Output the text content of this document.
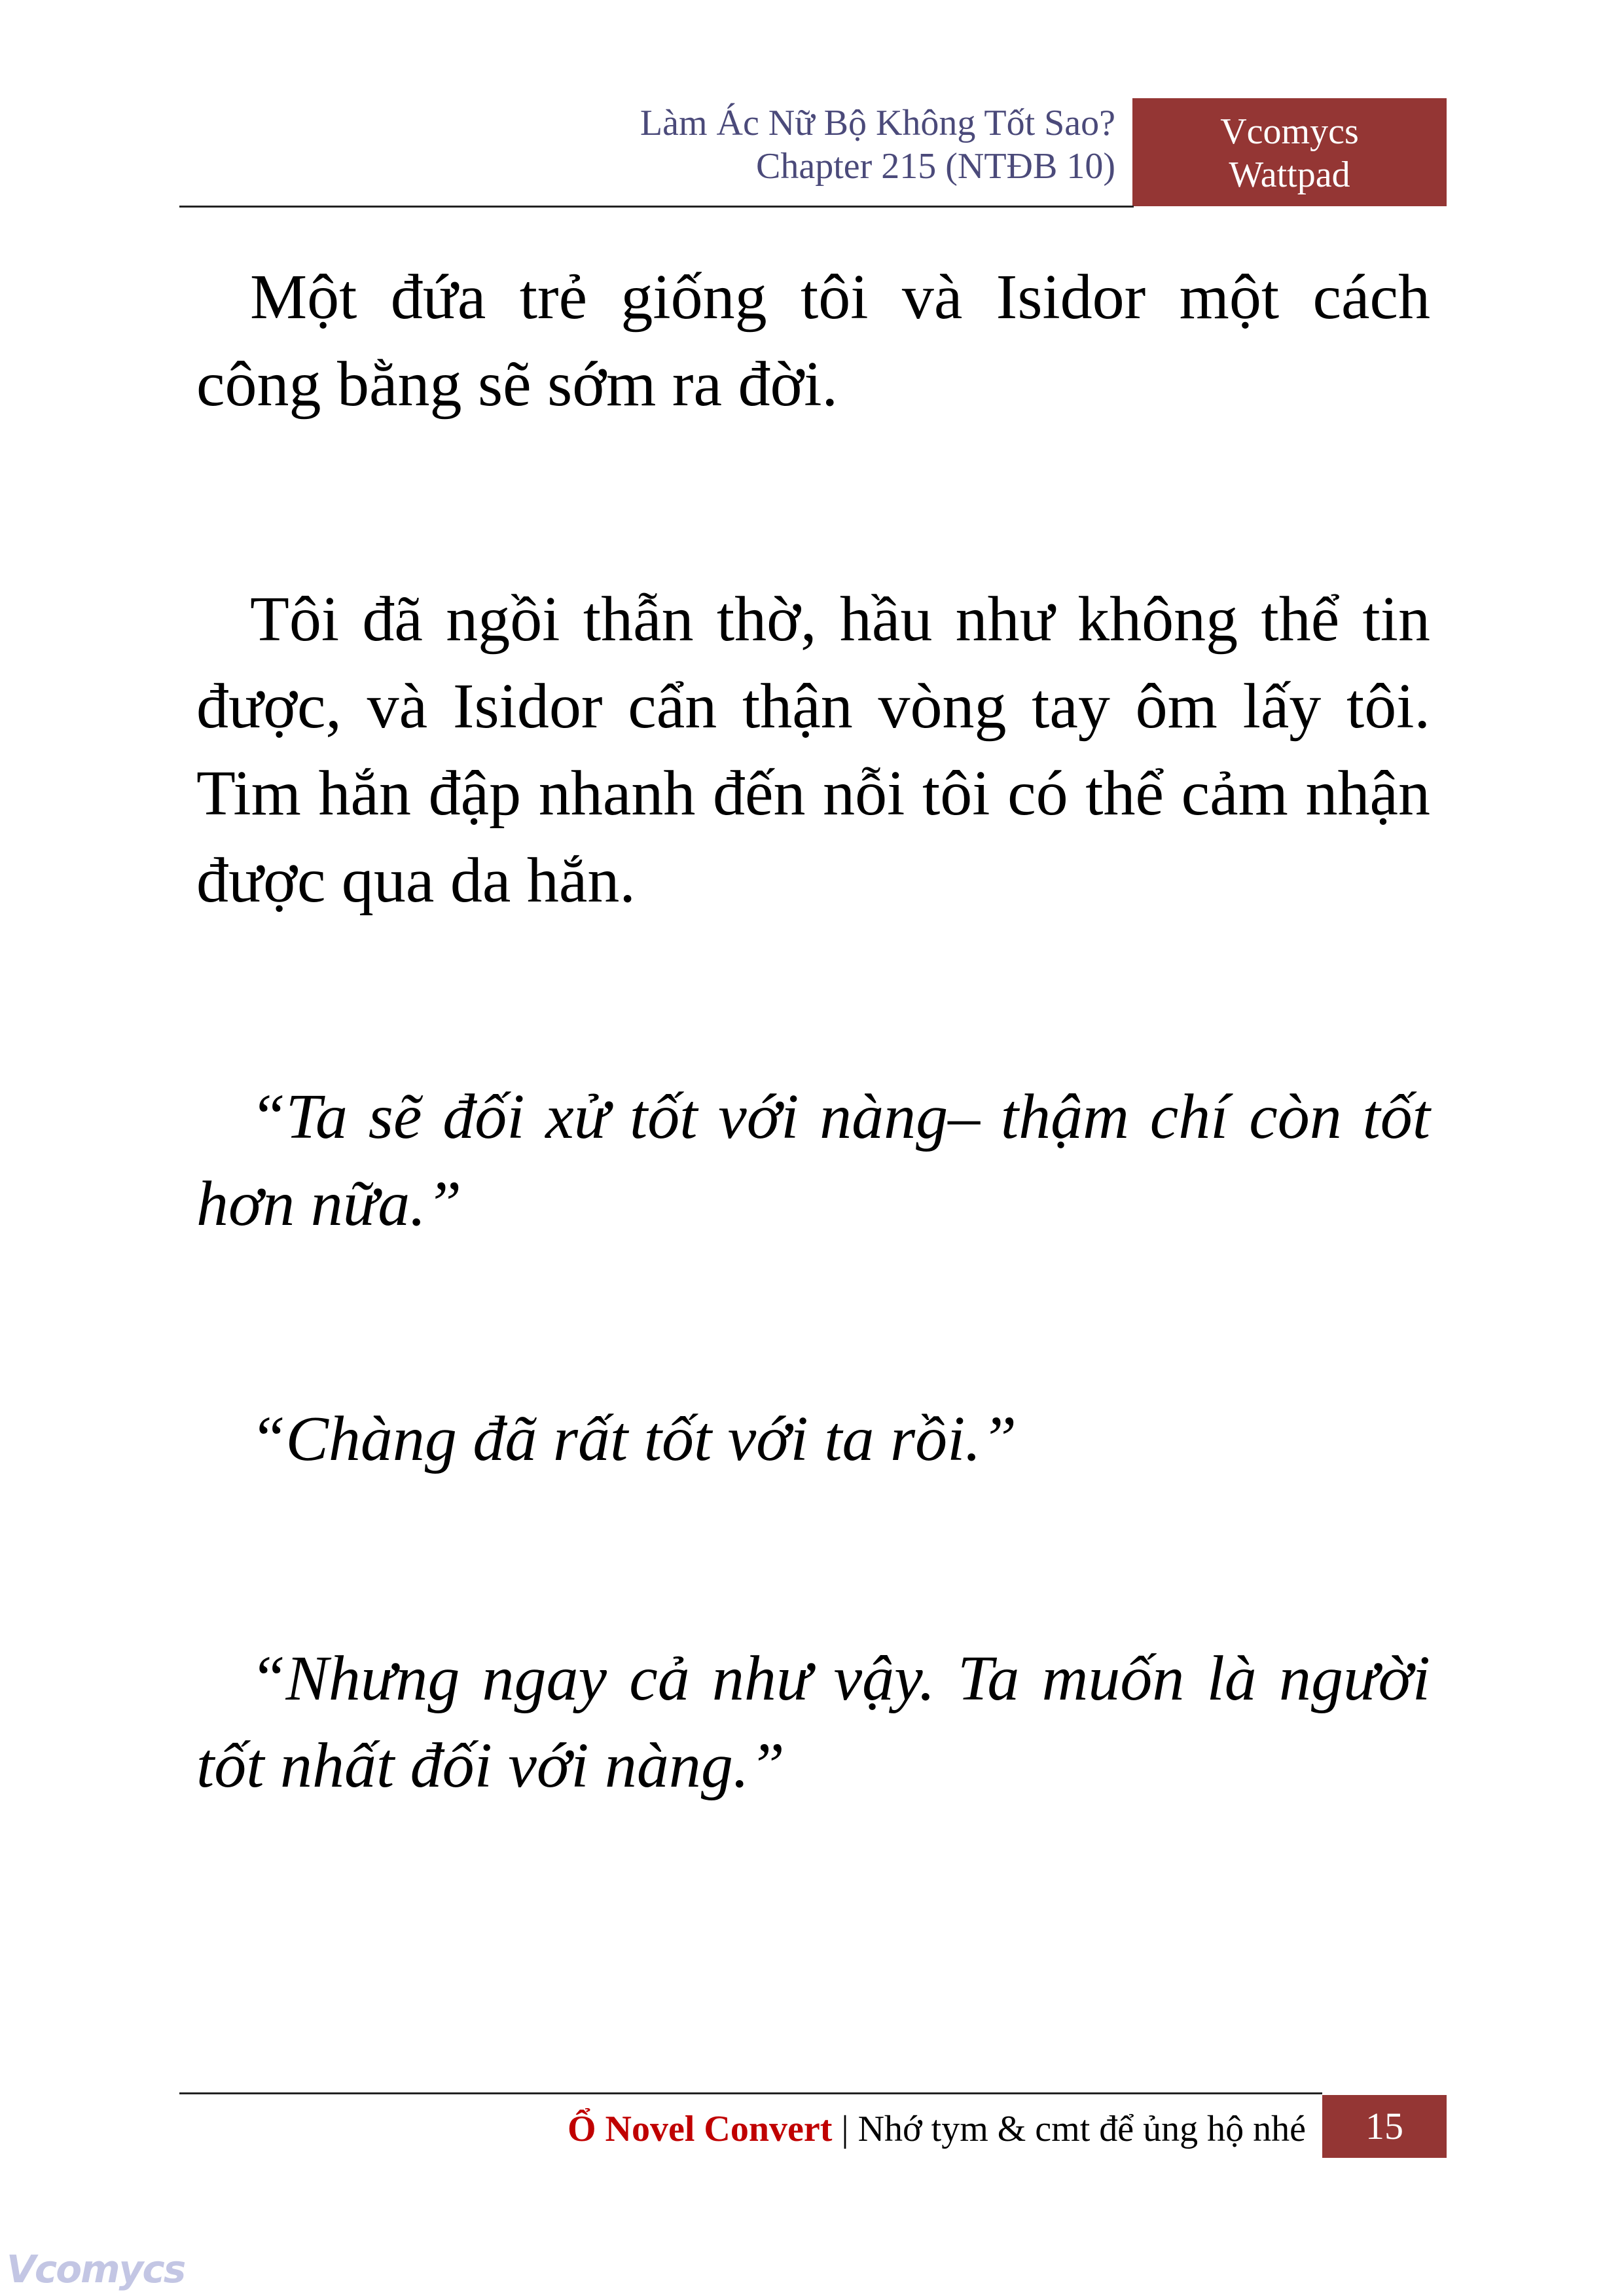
Làm Ác Nữ Bộ Không Tốt Sao?
Chapter 215 (NTĐB 10)
Vcomycs
Wattpad

Một đứa trẻ giống tôi và Isidor một cách công bằng sẽ sớm ra đời.

Tôi đã ngồi thẫn thờ, hầu như không thể tin được, và Isidor cẩn thận vòng tay ôm lấy tôi. Tim hắn đập nhanh đến nỗi tôi có thể cảm nhận được qua da hắn.

“Ta sẽ đối xử tốt với nàng– thậm chí còn tốt hơn nữa.”

“Chàng đã rất tốt với ta rồi.”

“Nhưng ngay cả như vậy. Ta muốn là người tốt nhất đối với nàng.”

Ổ Novel Convert | Nhớ tym & cmt để ủng hộ nhé	15
Vcomycs
